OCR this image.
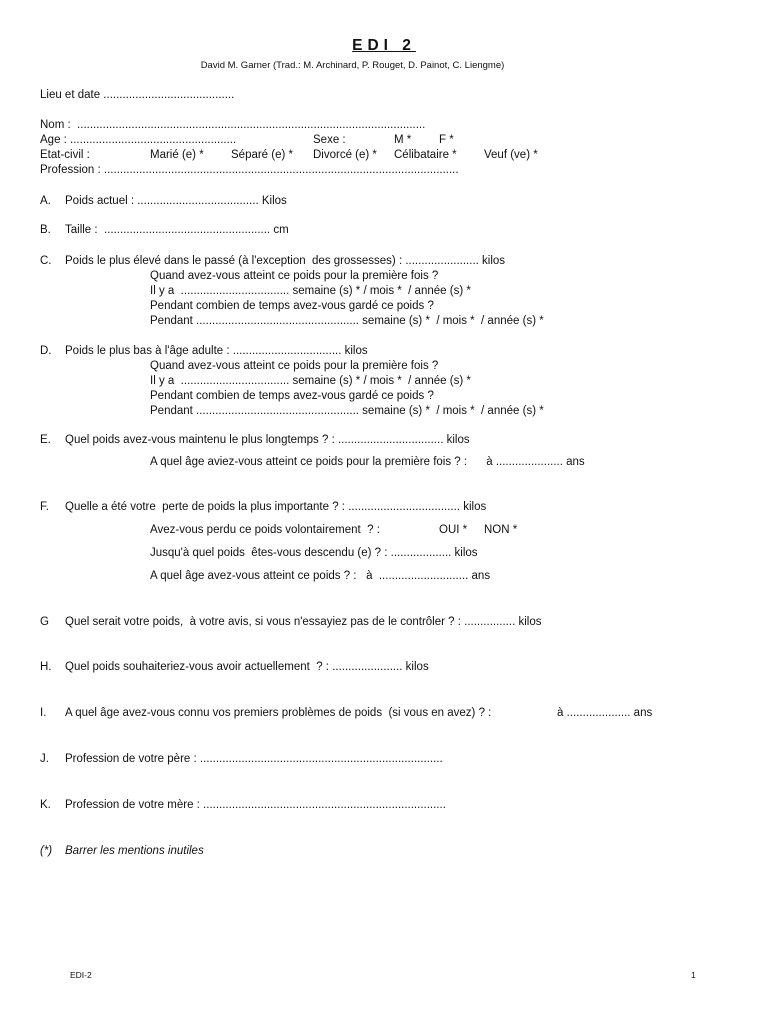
EDI 2
David M. Garner (Trad.: M. Archinard, P. Rouget, D. Painot, C. Liengme)
Lieu et date .........................................
Nom :  .............................................................................................................
Age : ....................................................	Sexe :	M * F *
Etat-civil :	Marié (e) * Séparé (e) * Divorcé (e) * Célibataire * Veuf (ve) *
Profession : ...............................................................................................................
A. Poids actuel : ...................................... Kilos
B. Taille :  .................................................... cm
C. Poids le plus élevé dans le passé (à l'exception  des grossesses) : ....................... kilos
Quand avez-vous atteint ce poids pour la première fois ?
Il y a  .................................. semaine (s) * / mois *  / année (s) *
Pendant combien de temps avez-vous gardé ce poids ?
Pendant ................................................... semaine (s) *  / mois *  / année (s) *
D. Poids le plus bas à l'âge adulte : .................................. kilos
Quand avez-vous atteint ce poids pour la première fois ?
Il y a  .................................. semaine (s) * / mois *  / année (s) *
Pendant combien de temps avez-vous gardé ce poids ?
Pendant ................................................... semaine (s) *  / mois *  / année (s) *
E. Quel poids avez-vous maintenu le plus longtemps ? : ................................. kilos
A quel âge aviez-vous atteint ce poids pour la première fois ? :      à ..................... ans
F. Quelle a été votre  perte de poids la plus importante ? : ................................... kilos
Avez-vous perdu ce poids volontairement  ? :	OUI * NON *
Jusqu'à quel poids  êtes-vous descendu (e) ? : ................... kilos
A quel âge avez-vous atteint ce poids ? :   à  ............................ ans
G Quel serait votre poids,  à votre avis, si vous n'essayiez pas de le contrôler ? : ................ kilos
H. Quel poids souhaiteriez-vous avoir actuellement  ? : ...................... kilos
I. A quel âge avez-vous connu vos premiers problèmes de poids  (si vous en avez) ? :	à .................... ans
J. Profession de votre père : ............................................................................
K. Profession de votre mère : ............................................................................
(*) Barrer les mentions inutiles
EDI-2	1
